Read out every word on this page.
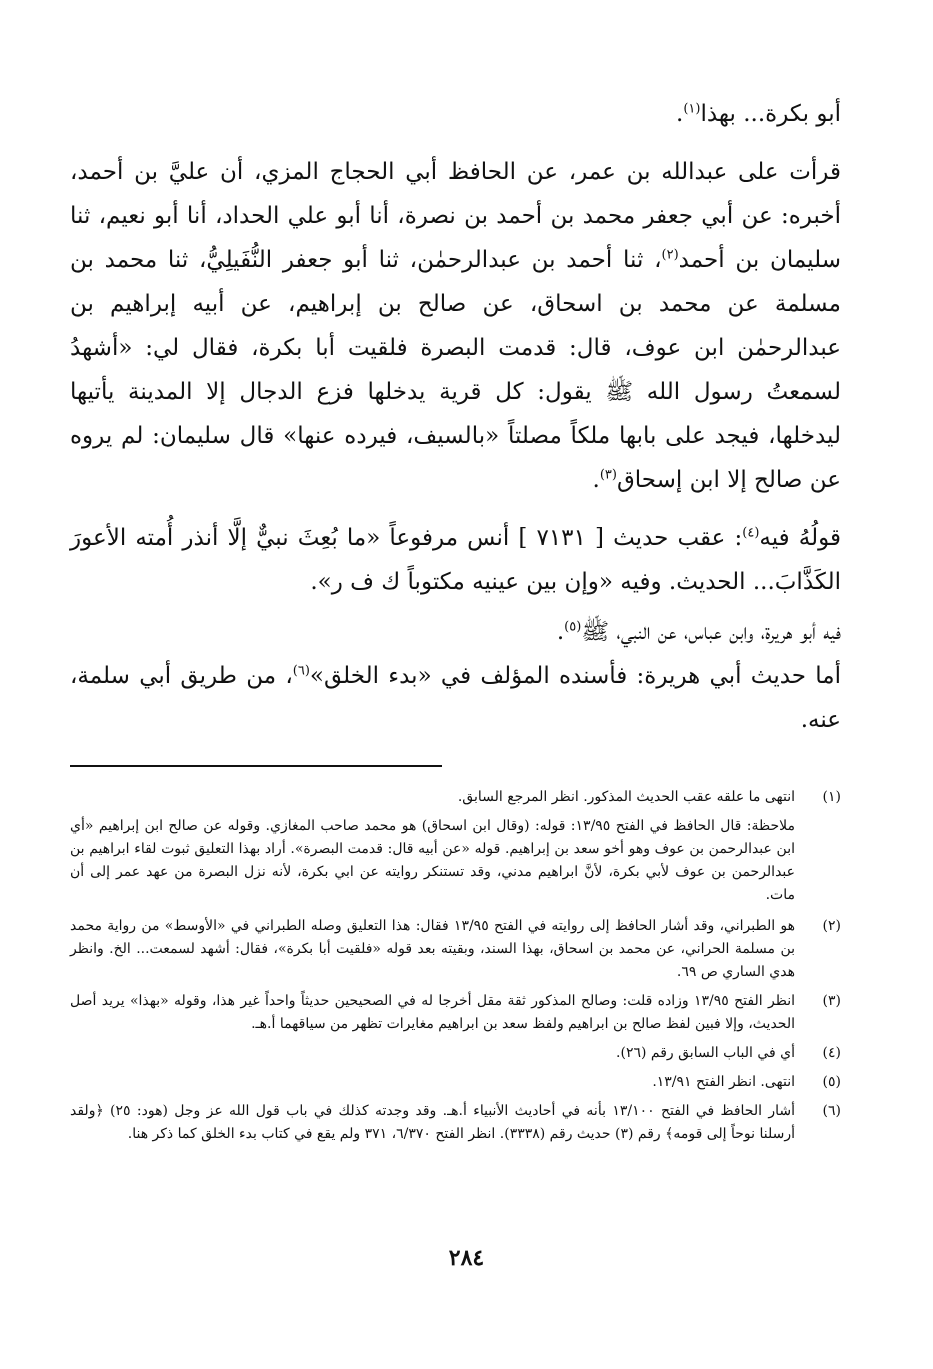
أبو بكرة... بهذا$^{(١)}$.

قرأت على عبدالله بن عمر، عن الحافظ أبي الحجاج المزي، أن عليَّ بن أحمد، أخبره: عن أبي جعفر محمد بن أحمد بن نصرة، أنا أبو علي الحداد، أنا أبو نعيم، ثنا سليمان بن أحمد$^{(٢)}$، ثنا أحمد بن عبدالرحمٰن، ثنا أبو جعفر النُّفَيلِيُّ، ثنا محمد بن مسلمة عن محمد بن اسحاق، عن صالح بن إبراهيم، عن أبيه إبراهيم بن عبدالرحمٰن ابن عوف، قال: قدمت البصرة فلقيت أبا بكرة، فقال لي: «أشهدُ لسمعتُ رسول الله ﷺ يقول: كل قرية يدخلها فزع الدجال إلا المدينة يأتيها ليدخلها، فيجد على بابها ملكاً مصلتاً «بالسيف، فيرده عنها» قال سليمان: لم يروه عن صالح إلا ابن إسحاق$^{(٣)}$.

قولُهُ فيه$^{(٤)}$: عقب حديث [ ٧١٣١ ] أنس مرفوعاً «ما بُعِثَ نبيٌّ إلَّا أنذر أُمته الأعورَ الكَذَّابَ... الحديث. وفيه «وإن بين عينيه مكتوباً ك ف ر».

فيه أبو هريرة، وابن عباس، عن النبي، ﷺ$^{(٥)}$.

أما حديث أبي هريرة: فأسنده المؤلف في «بدء الخلق»$^{(٦)}$، من طريق أبي سلمة، عنه.

(١)
انتهى ما علقه عقب الحديث المذكور. انظر المرجع السابق.
ملاحظة: قال الحافظ في الفتح ١٣/٩٥: قوله: (وقال ابن اسحاق) هو محمد صاحب المغازي. وقوله عن صالح ابن إبراهيم «أي ابن عبدالرحمن بن عوف وهو أخو سعد بن إبراهيم. قوله «عن أبيه قال: قدمت البصرة». أراد بهذا التعليق ثبوت لقاء ابراهيم بن عبدالرحمن بن عوف لأبي بكرة، لأنَّ ابراهيم مدني، وقد تستنكر روايته عن ابي بكرة، لأنه نزل البصرة من عهد عمر إلى أن مات.
(٢)
هو الطبراني، وقد أشار الحافظ إلى روايته في الفتح ١٣/٩٥ فقال: هذا التعليق وصله الطبراني في «الأوسط» من رواية محمد بن مسلمة الحراني، عن محمد بن اسحاق، بهذا السند، وبقيته بعد قوله «فلقيت أبا بكرة»، فقال: أشهد لسمعت... الخ. وانظر هدي الساري ص ٦٩.
(٣)
انظر الفتح ١٣/٩٥ وزاده قلت: وصالح المذكور ثقة مقل أخرجا له في الصحيحين حديثاً واحداً غير هذا، وقوله «بهذا» يريد أصل الحديث، وإلا فبين لفظ صالح بن ابراهيم ولفظ سعد بن ابراهيم مغايرات تظهر من سياقهما أ.هـ.
(٤)
أي في الباب السابق رقم (٢٦).
(٥)
انتهى. انظر الفتح ١٣/٩١.
(٦)
أشار الحافظ في الفتح ١٣/١٠٠ بأنه في أحاديث الأنبياء أ.هـ. وقد وجدته كذلك في باب قول الله عز وجل (هود: ٢٥) ﴿ولقد أرسلنا نوحاً إلى قومه﴾ رقم (٣) حديث رقم (٣٣٣٨). انظر الفتح ٦/٣٧٠، ٣٧١ ولم يقع في كتاب بدء الخلق كما ذكر هنا.
٢٨٤
